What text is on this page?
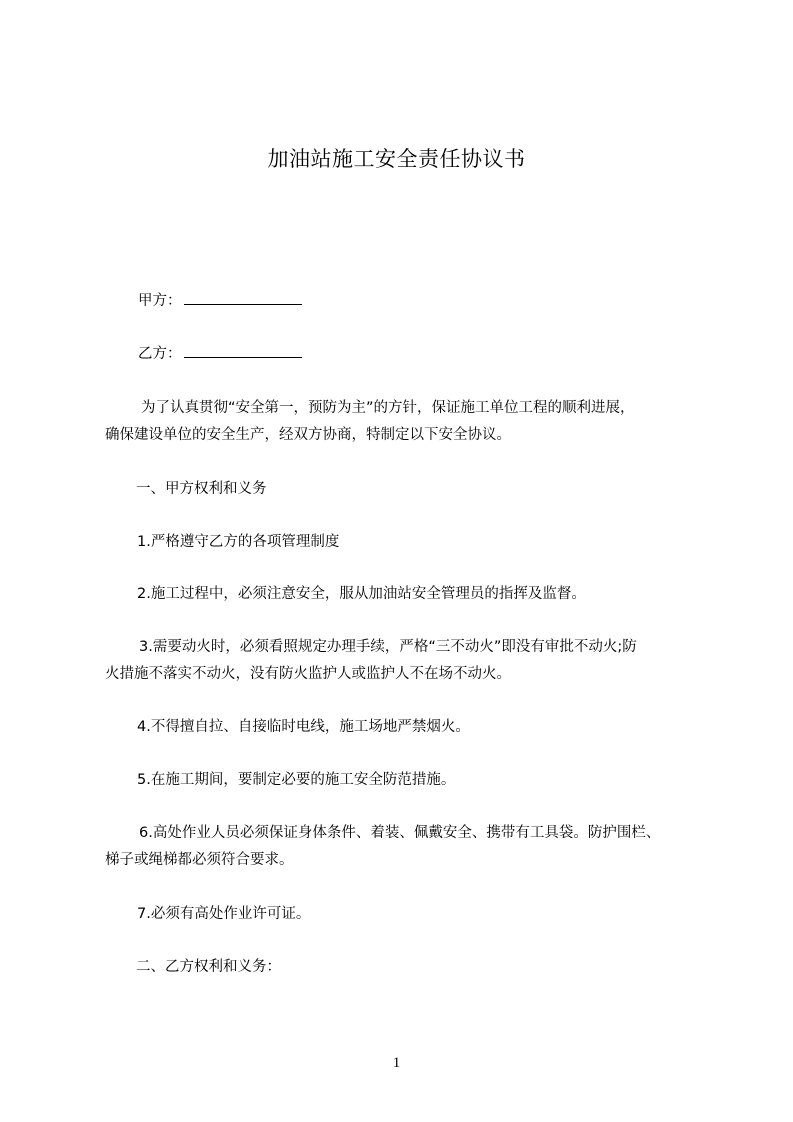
加油站施工安全责任协议书
甲方：
乙方：
为了认真贯彻“安全第一，预防为主”的方针，保证施工单位工程的顺利进展，
确保建设单位的安全生产，经双方协商，特制定以下安全协议。
一、甲方权利和义务
1.严格遵守乙方的各项管理制度
2.施工过程中，必须注意安全，服从加油站安全管理员的指挥及监督。
3.需要动火时，必须看照规定办理手续，严格“三不动火”即没有审批不动火;防
火措施不落实不动火，没有防火监护人或监护人不在场不动火。
4.不得擅自拉、自接临时电线，施工场地严禁烟火。
5.在施工期间，要制定必要的施工安全防范措施。
6.高处作业人员必须保证身体条件、着装、佩戴安全、携带有工具袋。防护围栏、
梯子或绳梯都必须符合要求。
7.必须有高处作业许可证。
二、乙方权利和义务：
1
